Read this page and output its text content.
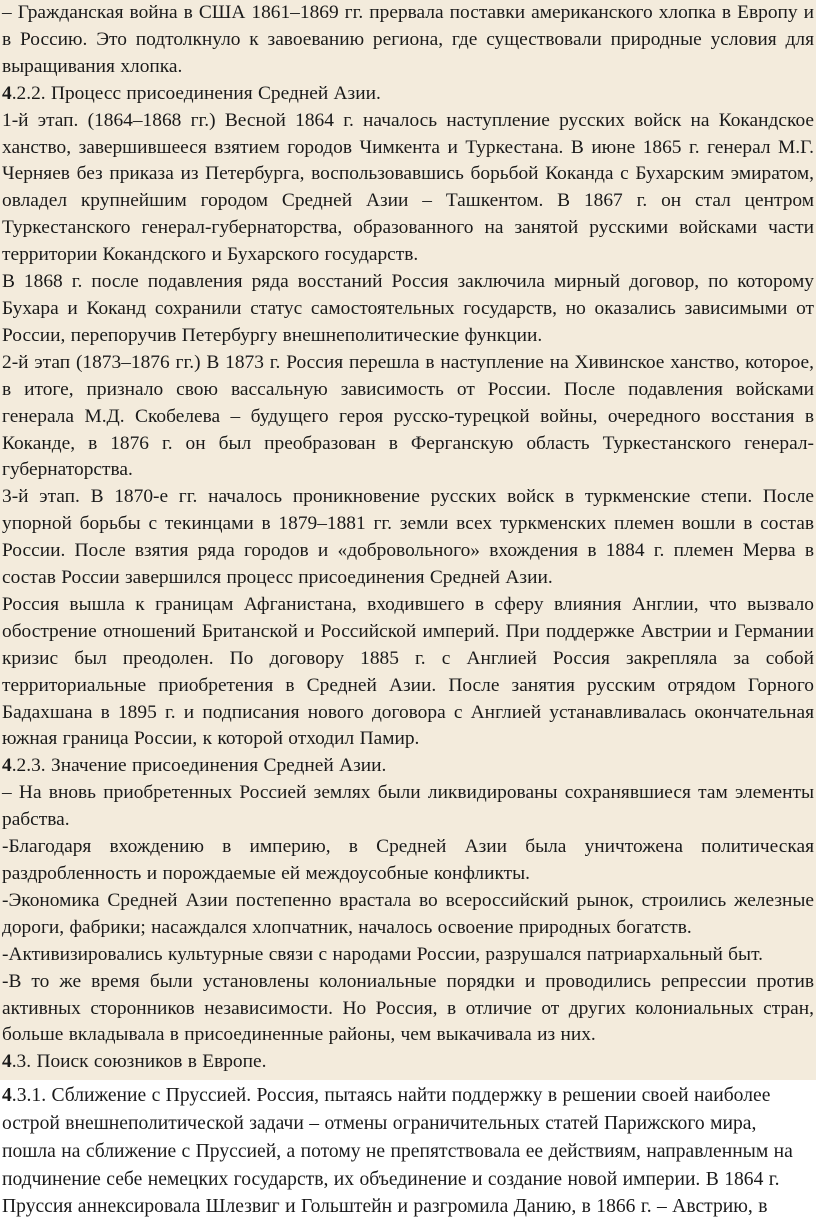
– Гражданская война в США 1861–1869 гг. прервала поставки американского хлопка в Европу и в Россию. Это подтолкнуло к завоеванию региона, где существовали природные условия для выращивания хлопка.

4.2.2. Процесс присоединения Средней Азии.

1-й этап. (1864–1868 гг.) Весной 1864 г. началось наступление русских войск на Кокандское ханство, завершившееся взятием городов Чимкента и Туркестана. В июне 1865 г. генерал М.Г. Черняев без приказа из Петербурга, воспользовавшись борьбой Коканда с Бухарским эмиратом, овладел крупнейшим городом Средней Азии – Ташкентом. В 1867 г. он стал центром Туркестанского генерал-губернаторства, образованного на занятой русскими войсками части территории Кокандского и Бухарского государств.

В 1868 г. после подавления ряда восстаний Россия заключила мирный договор, по которому Бухара и Коканд сохранили статус самостоятельных государств, но оказались зависимыми от России, перепоручив Петербургу внешнеполитические функции.

2-й этап (1873–1876 гг.) В 1873 г. Россия перешла в наступление на Хивинское ханство, которое, в итоге, признало свою вассальную зависимость от России. После подавления войсками генерала М.Д. Скобелева – будущего героя русско-турецкой войны, очередного восстания в Коканде, в 1876 г. он был преобразован в Ферганскую область Туркестанского генерал-губернаторства.

3-й этап. В 1870-е гг. началось проникновение русских войск в туркменские степи. После упорной борьбы с текинцами в 1879–1881 гг. земли всех туркменских племен вошли в состав России. После взятия ряда городов и «добровольного» вхождения в 1884 г. племен Мерва в состав России завершился процесс присоединения Средней Азии.

Россия вышла к границам Афганистана, входившего в сферу влияния Англии, что вызвало обострение отношений Британской и Российской империй. При поддержке Австрии и Германии кризис был преодолен. По договору 1885 г. с Англией Россия закрепляла за собой территориальные приобретения в Средней Азии. После занятия русским отрядом Горного Бадахшана в 1895 г. и подписания нового договора с Англией устанавливалась окончательная южная граница России, к которой отходил Памир.

4.2.3. Значение присоединения Средней Азии.

– На вновь приобретенных Россией землях были ликвидированы сохранявшиеся там элементы рабства.

-Благодаря вхождению в империю, в Средней Азии была уничтожена политическая раздробленность и порождаемые ей междоусобные конфликты.

-Экономика Средней Азии постепенно врастала во всероссийский рынок, строились железные дороги, фабрики; насаждался хлопчатник, началось освоение природных богатств.

-Активизировались культурные связи с народами России, разрушался патриархальный быт.

-В то же время были установлены колониальные порядки и проводились репрессии против активных сторонников независимости. Но Россия, в отличие от других колониальных стран, больше вкладывала в присоединенные районы, чем выкачивала из них.

4.3. Поиск союзников в Европе.

4.3.1. Сближение с Пруссией. Россия, пытаясь найти поддержку в решении своей наиболее острой внешнеполитической задачи – отмены ограничительных статей Парижского мира, пошла на сближение с Пруссией, а потому не препятствовала ее действиям, направленным на подчинение себе немецких государств, их объединение и создание новой империи. В 1864 г. Пруссия аннексировала Шлезвиг и Гольштейн и разгромила Данию, в 1866 г. – Австрию, в
